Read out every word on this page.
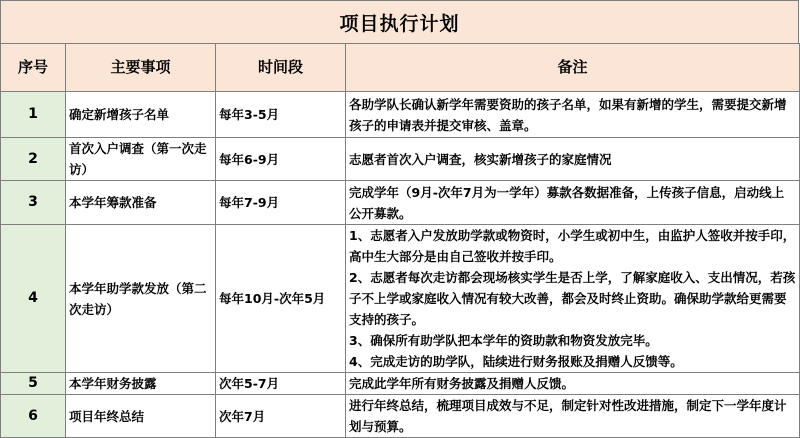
项目执行计划
序号	主要事项	时间段	备注
1	确定新增孩子名单	每年3-5月	各助学队长确认新学年需要资助的孩子名单，如果有新增的学生，需要提交新增孩子的申请表并提交审核、盖章。

2	首次入户调查（第一次走访）	每年6-9月	志愿者首次入户调查，核实新增孩子的家庭情况

3	本学年筹款准备	每年7-9月	完成学年（9月-次年7月为一学年）募款各数据准备，上传孩子信息，启动线上公开募款。

4	本学年助学款发放（第二次走访）	每年10月-次年5月	1、志愿者入户发放助学款或物资时，小学生或初中生，由监护人签收并按手印，高中生大部分是由自己签收并按手印。
2、志愿者每次走访都会现场核实学生是否上学，了解家庭收入、支出情况，若孩子不上学或家庭收入情况有较大改善，都会及时终止资助。确保助学款给更需要支持的孩子。
3、确保所有助学队把本学年的资助款和物资发放完毕。
4、完成走访的助学队，陆续进行财务报账及捐赠人反馈等。

5	本学年财务披露	次年5-7月	完成此学年所有财务披露及捐赠人反馈。

6	项目年终总结	次年7月	进行年终总结，梳理项目成效与不足，制定针对性改进措施，制定下一学年度计划与预算。
